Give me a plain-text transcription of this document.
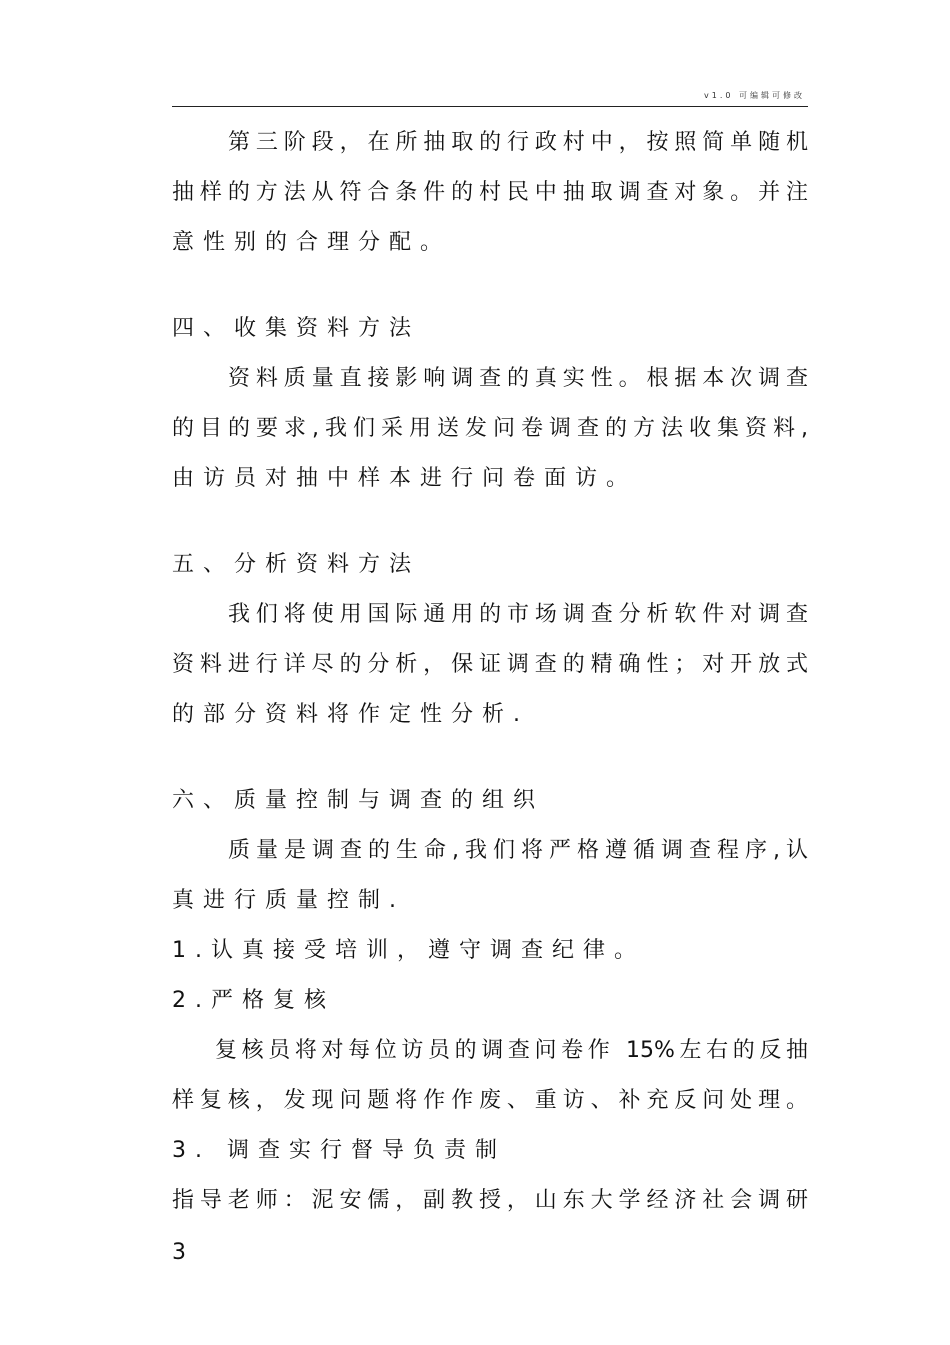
v1.0 可编辑可修改
第三阶段，在所抽取的行政村中，按照简单随机
抽样的方法从符合条件的村民中抽取调查对象。并注
意性别的合理分配。
四、收集资料方法
资料质量直接影响调查的真实性。根据本次调查
的目的要求,我们采用送发问卷调查的方法收集资料,
由访员对抽中样本进行问卷面访。
五、分析资料方法
我们将使用国际通用的市场调查分析软件对调查
资料进行详尽的分析，保证调查的精确性；对开放式
的部分资料将作定性分析.
六、质量控制与调查的组织
质量是调查的生命,我们将严格遵循调查程序,认
真进行质量控制.
1.认真接受培训，遵守调查纪律。
2.严格复核
复核员将对每位访员的调查问卷作 15%左右的反抽
样复核，发现问题将作作废、重访、补充反问处理。
3. 调查实行督导负责制
指导老师：泥安儒，副教授，山东大学经济社会调研
3
